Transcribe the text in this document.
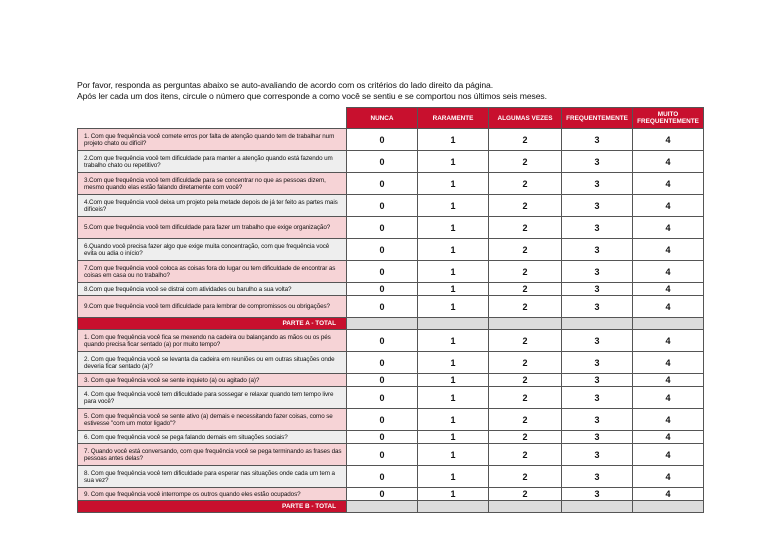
Por favor, responda as perguntas abaixo se auto-avaliando de acordo com os critérios do lado direito da página.

Após ler cada um dos itens, circule o número que corresponde a como você se sentiu e se comportou nos últimos seis meses.

	NUNCA	RARAMENTE	ALGUMAS VEZES	FREQUENTEMENTE	MUITO FREQUENTEMENTE
1. Com que frequência você comete erros por falta de atenção quando tem de trabalhar num projeto chato ou difícil?	0	1	2	3	4
2.Com que frequência você tem dificuldade para manter a atenção quando está fazendo um trabalho chato ou repetitivo?	0	1	2	3	4
3.Com que frequência você tem dificuldade para se concentrar no que as pessoas dizem, mesmo quando elas estão falando diretamente com você?	0	1	2	3	4
4.Com que frequência você deixa um projeto pela metade depois de já ter feito as partes mais difíceis?	0	1	2	3	4
5.Com que frequência você tem dificuldade para fazer um trabalho que exige organização?	0	1	2	3	4
6.Quando você precisa fazer algo que exige muita concentração, com que frequência você evita ou adia o início?	0	1	2	3	4
7.Com que frequência você coloca as coisas fora do lugar ou tem dificuldade de encontrar as coisas em casa ou no trabalho?	0	1	2	3	4
8.Com que frequência você se distrai com atividades ou barulho a sua volta?	0	1	2	3	4
9.Com que frequência você tem dificuldade para lembrar de compromissos ou obrigações?	0	1	2	3	4
PARTE A - TOTAL					
1. Com que frequência você fica se mexendo na cadeira ou balançando as mãos ou os pés quando precisa ficar sentado (a) por muito tempo?	0	1	2	3	4
2. Com que frequência você se levanta da cadeira em reuniões ou em outras situações onde deveria ficar sentado (a)?	0	1	2	3	4
3. Com que frequência você se sente inquieto (a) ou agitado (a)?	0	1	2	3	4
4. Com que frequência você tem dificuldade para sossegar e relaxar quando tem tempo livre para você?	0	1	2	3	4
5. Com que frequência você se sente ativo (a) demais e necessitando fazer coisas, como se estivesse "com um motor ligado"?	0	1	2	3	4
6. Com que frequência você se pega falando demais em situações sociais?	0	1	2	3	4
7. Quando você está conversando, com que frequência você se pega terminando as frases das pessoas antes delas?	0	1	2	3	4
8. Com que frequência você tem dificuldade para esperar nas situações onde cada um tem a sua vez?	0	1	2	3	4
9. Com que frequência você interrompe os outros quando eles estão ocupados?	0	1	2	3	4
PARTE B - TOTAL					
